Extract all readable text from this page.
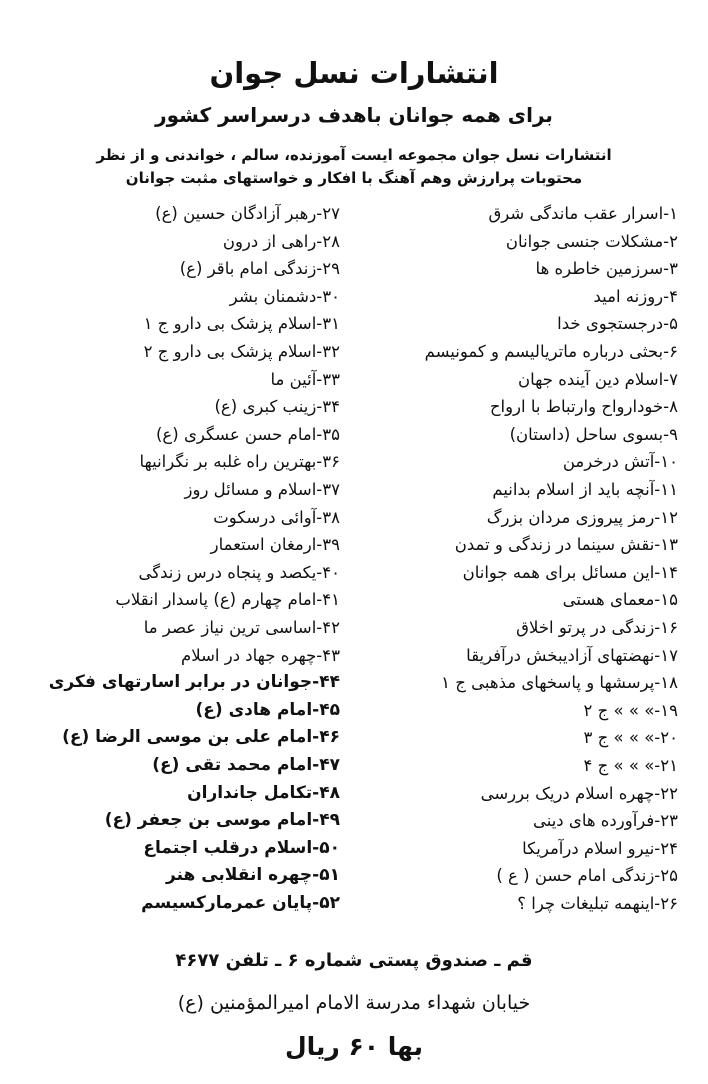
انتشارات نسل جوان
برای همه جوانان باهدف درسراسر کشور
انتشارات نسل جوان مجموعه ایست آموزنده، سالم ، خواندنی و از نظر
محتوبات پرارزش وهم آهنگ با افکار و خواستهای مثبت جوانان
۱-اسرار عقب ماندگی شرق
۲-مشکلات جنسی جوانان
۳-سرزمین خاطره ها
۴-روزنه امید
۵-درجستجوی خدا
۶-بحثی درباره ماتریالیسم و کمونیسم
۷-اسلام دین آینده جهان
۸-خودارواح وارتباط با ارواح
۹-بسوی ساحل (داستان)
۱۰-آتش درخرمن
۱۱-آنچه باید از اسلام بدانیم
۱۲-رمز پیروزی مردان بزرگ
۱۳-نقش سینما در زندگی و تمدن
۱۴-این مسائل برای همه جوانان
۱۵-معمای هستی
۱۶-زندگی در پرتو اخلاق
۱۷-نهضتهای آزادیبخش درآفریقا
۱۸-پرسشها و پاسخهای مذهبی ج ۱
۱۹-» » » ج ۲
۲۰-» » » ج ۳
۲۱-» » » ج ۴
۲۲-چهره اسلام دریک بررسی
۲۳-فرآورده های دینی
۲۴-نیرو اسلام درآمریکا
۲۵-زندگی امام حسن ( ع )
۲۶-اینهمه تبلیغات چرا ؟
۲۷-رهبر آزادگان حسین (ع)
۲۸-راهی از درون
۲۹-زندگی امام باقر (ع)
۳۰-دشمنان بشر
۳۱-اسلام پزشک بی دارو ج ۱
۳۲-اسلام پزشک بی دارو ج ۲
۳۳-آئین ما
۳۴-زینب کبری (ع)
۳۵-امام حسن عسگری (ع)
۳۶-بهترین راه غلبه بر نگرانیها
۳۷-اسلام و مسائل روز
۳۸-آوائی درسکوت
۳۹-ارمغان استعمار
۴۰-یکصد و پنجاه درس زندگی
۴۱-امام چهارم (ع) پاسدار انقلاب
۴۲-اساسی ترین نیاز عصر ما
۴۳-چهره جهاد در اسلام
۴۴-جوانان در برابر اسارتهای فکری
۴۵-امام هادی (ع)
۴۶-امام علی بن موسی الرضا (ع)
۴۷-امام محمد تقی (ع)
۴۸-تکامل جانداران
۴۹-امام موسی بن جعفر (ع)
۵۰-اسلام درقلب اجتماع
۵۱-چهره انقلابی هنر
۵۲-پایان عمرمارکسیسم
قم ـ صندوق پستی شماره ۶ ـ تلفن ۴۶۷۷
خیابان شهداء مدرسة الامام امیرالمؤمنین (ع)
بها ۶۰ ریال
